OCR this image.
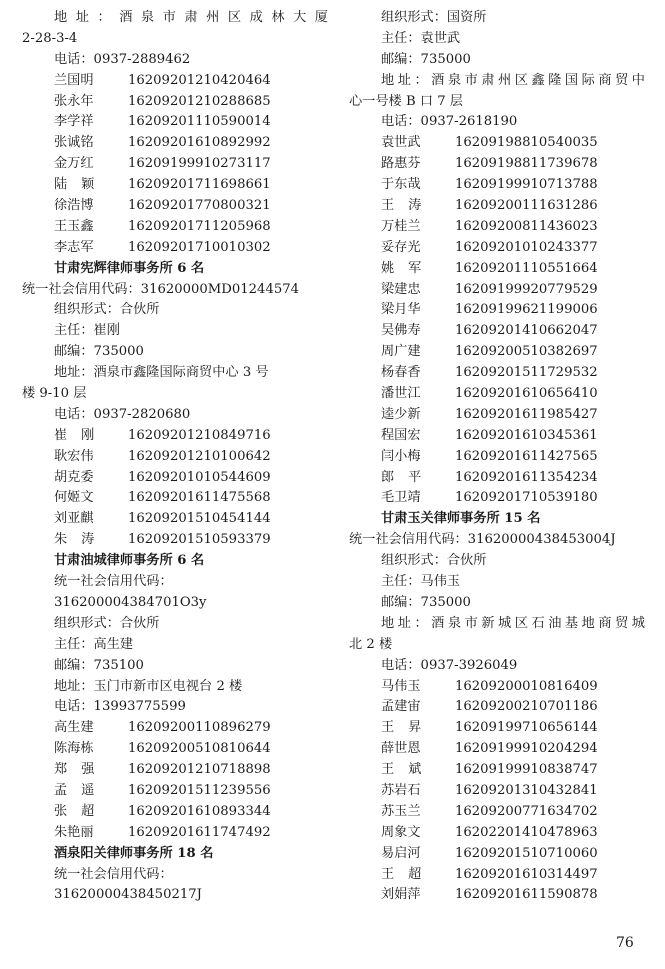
地址：酒泉市肃州区成林大厦
2-28-3-4
电话：0937-2889462
兰国明	16209201210420464
张永年	16209201210288685
李学祥	16209201110590014
张诚铭	16209201610892992
金万红	16209199910273117
陆颖 16209201711698661
徐浩博	16209201770800321
王玉鑫	16209201711205968
李志军	16209201710010302
甘肃宪辉律师事务所 6 名
统一社会信用代码：31620000MD01244574
组织形式：合伙所
主任：崔刚
邮编：735000
地址：酒泉市鑫隆国际商贸中心 3 号
楼 9-10 层
电话：0937-2820680
崔刚 16209201210849716
耿宏伟	16209201210100642
胡克委	16209201010544609
何姬文	16209201611475568
刘亚麒	16209201510454144
朱涛 16209201510593379
甘肃油城律师事务所 6 名
统一社会信用代码：
316200004384701O3y
组织形式：合伙所
主任：高生建
邮编：735100
地址：玉门市新市区电视台 2 楼
电话：13993775599
高生建	16209200110896279
陈海栋	16209200510810644
郑强 16209201210718898
孟遥 16209201511239556
张超 16209201610893344
朱艳丽	16209201611747492
酒泉阳关律师事务所 18 名
统一社会信用代码：
31620000438450217J
组织形式：国资所
主任：袁世武
邮编：735000
地址：酒泉市肃州区鑫隆国际商贸中
心一号楼 B 口 7 层
电话：0937-2618190
袁世武	16209198810540035
路惠芬	16209198811739678
于东哉	16209199910713788
王涛 16209200111631286
万桂兰	16209200811436023
妥存光	16209201010243377
姚军 16209201110551664
梁建忠	16209199920779529
梁月华	16209199621199006
吴佛寿	16209201410662047
周广建	16209200510382697
杨春香	16209201511729532
潘世江	16209201610656410
逵少新	16209201611985427
程国宏	16209201610345361
闫小梅	16209201611427565
郎平 16209201611354234
毛卫靖	16209201710539180
甘肃玉关律师事务所 15 名
统一社会信用代码：31620000438453004J
组织形式：合伙所
主任：马伟玉
邮编：735000
地址：酒泉市新城区石油基地商贸城
北 2 楼
电话：0937-3926049
马伟玉	16209200010816409
孟建宙	16209200210701186
王昇 16209199710656144
薛世恩	16209199910204294
王斌 16209199910838747
苏岩石	16209201310432841
苏玉兰	16209200771634702
周象文	16202201410478963
易启河	16209201510710060
王超 16209201610314497
刘娟萍	16209201611590878
76
